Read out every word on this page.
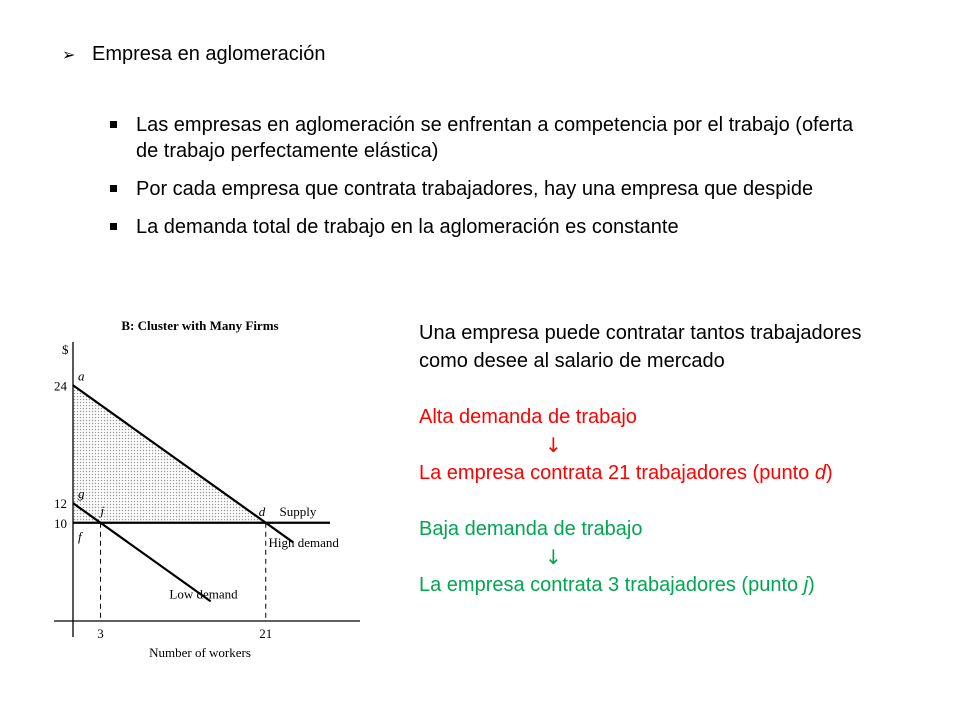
➢ Empresa en aglomeración
Las empresas en aglomeración se enfrentan a competencia por el trabajo (oferta de trabajo perfectamente elástica)
Por cada empresa que contrata trabajadores, hay una empresa que despide
La demanda total de trabajo en la aglomeración es constante
B: Cluster with Many Firms
Supply
High demand
Low demand
$
24
12
10
3	21
Number of workers
a
g
f
j	d
Una empresa puede contratar tantos trabajadores
como desee al salario de mercado
Alta demanda de trabajo
↓
La empresa contrata 21 trabajadores (punto d)
Baja demanda de trabajo
↓
La empresa contrata 3 trabajadores (punto j)
